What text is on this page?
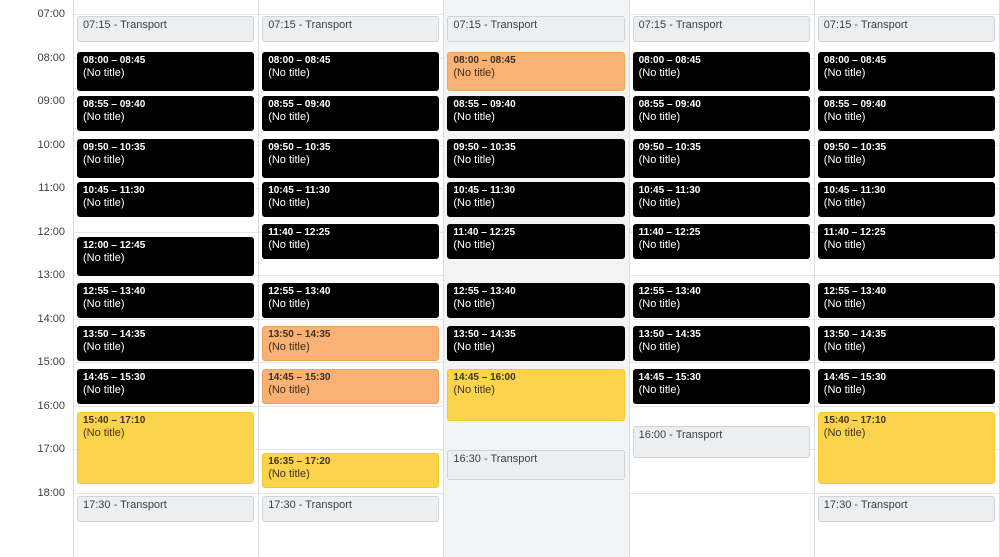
07:00
08:00
09:00
10:00
11:00
12:00
13:00
14:00
15:00
16:00
17:00
18:00
07:15 - Transport
08:00 – 08:45
(No title)
08:55 – 09:40
(No title)
09:50 – 10:35
(No title)
10:45 – 11:30
(No title)
12:00 – 12:45
(No title)
12:55 – 13:40
(No title)
13:50 – 14:35
(No title)
14:45 – 15:30
(No title)
15:40 – 17:10
(No title)
17:30 - Transport
07:15 - Transport
08:00 – 08:45
(No title)
08:55 – 09:40
(No title)
09:50 – 10:35
(No title)
10:45 – 11:30
(No title)
11:40 – 12:25
(No title)
12:55 – 13:40
(No title)
13:50 – 14:35
(No title)
14:45 – 15:30
(No title)
16:35 – 17:20
(No title)
17:30 - Transport
07:15 - Transport
08:00 – 08:45
(No title)
08:55 – 09:40
(No title)
09:50 – 10:35
(No title)
10:45 – 11:30
(No title)
11:40 – 12:25
(No title)
12:55 – 13:40
(No title)
13:50 – 14:35
(No title)
14:45 – 16:00
(No title)
16:30 - Transport
07:15 - Transport
08:00 – 08:45
(No title)
08:55 – 09:40
(No title)
09:50 – 10:35
(No title)
10:45 – 11:30
(No title)
11:40 – 12:25
(No title)
12:55 – 13:40
(No title)
13:50 – 14:35
(No title)
14:45 – 15:30
(No title)
16:00 - Transport
07:15 - Transport
08:00 – 08:45
(No title)
08:55 – 09:40
(No title)
09:50 – 10:35
(No title)
10:45 – 11:30
(No title)
11:40 – 12:25
(No title)
12:55 – 13:40
(No title)
13:50 – 14:35
(No title)
14:45 – 15:30
(No title)
15:40 – 17:10
(No title)
17:30 - Transport
